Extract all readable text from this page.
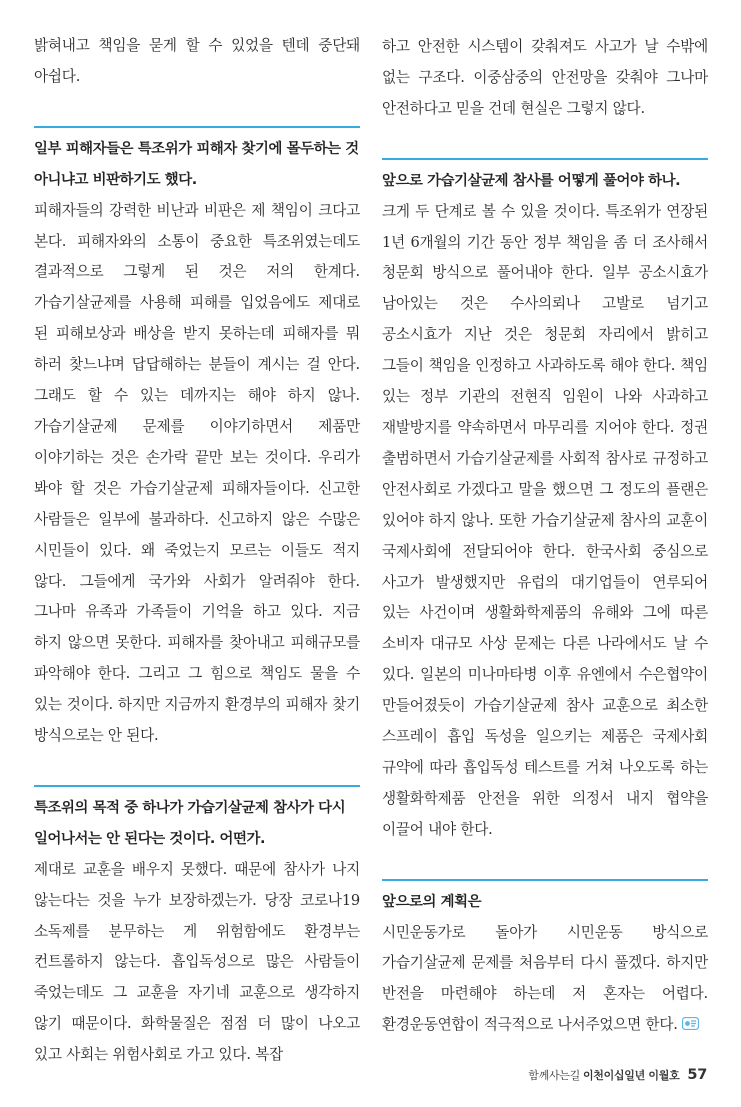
밝혀내고 책임을 묻게 할 수 있었을 텐데 중단돼 아쉽다.

일부 피해자들은 특조위가 피해자 찾기에 몰두하는 것 아니냐고 비판하기도 했다.

피해자들의 강력한 비난과 비판은 제 책임이 크다고 본다. 피해자와의 소통이 중요한 특조위였는데도 결과적으로 그렇게 된 것은 저의 한계다. 가습기살균제를 사용해 피해를 입었음에도 제대로 된 피해보상과 배상을 받지 못하는데 피해자를 뭐 하러 찾느냐며 답답해하는 분들이 계시는 걸 안다. 그래도 할 수 있는 데까지는 해야 하지 않나. 가습기살균제 문제를 이야기하면서 제품만 이야기하는 것은 손가락 끝만 보는 것이다. 우리가 봐야 할 것은 가습기살균제 피해자들이다. 신고한 사람들은 일부에 불과하다. 신고하지 않은 수많은 시민들이 있다. 왜 죽었는지 모르는 이들도 적지 않다. 그들에게 국가와 사회가 알려줘야 한다. 그나마 유족과 가족들이 기억을 하고 있다. 지금 하지 않으면 못한다. 피해자를 찾아내고 피해규모를 파악해야 한다. 그리고 그 힘으로 책임도 물을 수 있는 것이다. 하지만 지금까지 환경부의 피해자 찾기 방식으로는 안 된다.

특조위의 목적 중 하나가 가습기살균제 참사가 다시 일어나서는 안 된다는 것이다. 어떤가.

제대로 교훈을 배우지 못했다. 때문에 참사가 나지 않는다는 것을 누가 보장하겠는가. 당장 코로나19 소독제를 분무하는 게 위험함에도 환경부는 컨트롤하지 않는다. 흡입독성으로 많은 사람들이 죽었는데도 그 교훈을 자기네 교훈으로 생각하지 않기 때문이다. 화학물질은 점점 더 많이 나오고 있고 사회는 위험사회로 가고 있다. 복잡

하고 안전한 시스템이 갖춰져도 사고가 날 수밖에 없는 구조다. 이중삼중의 안전망을 갖춰야 그나마 안전하다고 믿을 건데 현실은 그렇지 않다.

앞으로 가습기살균제 참사를 어떻게 풀어야 하나.

크게 두 단계로 볼 수 있을 것이다. 특조위가 연장된 1년 6개월의 기간 동안 정부 책임을 좀 더 조사해서 청문회 방식으로 풀어내야 한다. 일부 공소시효가 남아있는 것은 수사의뢰나 고발로 넘기고 공소시효가 지난 것은 청문회 자리에서 밝히고 그들이 책임을 인정하고 사과하도록 해야 한다. 책임 있는 정부 기관의 전현직 임원이 나와 사과하고 재발방지를 약속하면서 마무리를 지어야 한다. 정권 출범하면서 가습기살균제를 사회적 참사로 규정하고 안전사회로 가겠다고 말을 했으면 그 정도의 플랜은 있어야 하지 않나. 또한 가습기살균제 참사의 교훈이 국제사회에 전달되어야 한다. 한국사회 중심으로 사고가 발생했지만 유럽의 대기업들이 연루되어 있는 사건이며 생활화학제품의 유해와 그에 따른 소비자 대규모 사상 문제는 다른 나라에서도 날 수 있다. 일본의 미나마타병 이후 유엔에서 수은협약이 만들어졌듯이 가습기살균제 참사 교훈으로 최소한 스프레이 흡입 독성을 일으키는 제품은 국제사회 규약에 따라 흡입독성 테스트를 거쳐 나오도록 하는 생활화학제품 안전을 위한 의정서 내지 협약을 이끌어 내야 한다.

앞으로의 계획은

시민운동가로 돌아가 시민운동 방식으로 가습기살균제 문제를 처음부터 다시 풀겠다. 하지만 반전을 마련해야 하는데 저 혼자는 어렵다. 환경운동연합이 적극적으로 나서주었으면 한다.

함께사는길 이천이십일년 이월호 57
